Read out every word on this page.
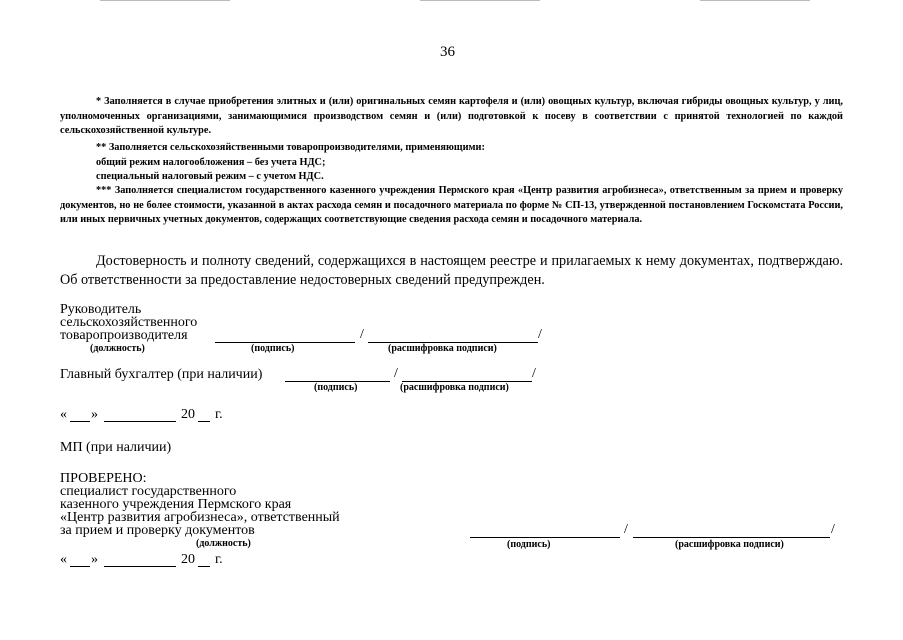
36
* Заполняется в случае приобретения элитных и (или) оригинальных семян картофеля и (или) овощных культур, включая гибриды овощных культур, у лиц, уполномоченных организациями, занимающимися производством семян и (или) подготовкой к посеву в соответствии с принятой технологией по каждой сельскохозяйственной культуре.
** Заполняется сельскохозяйственными товаропроизводителями, применяющими:
общий режим налогообложения – без учета НДС;
специальный налоговый режим – с учетом НДС.
*** Заполняется специалистом государственного казенного учреждения Пермского края «Центр развития агробизнеса», ответственным за прием и проверку документов, но не более стоимости, указанной в актах расхода семян и посадочного материала по форме № СП-13, утвержденной постановлением Госкомстата России, или иных первичных учетных документов, содержащих соответствующие сведения расхода семян и посадочного материала.
Достоверность и полноту сведений, содержащихся в настоящем реестре и прилагаемых к нему документах, подтверждаю. Об ответственности за предоставление недостоверных сведений предупрежден.
Руководитель
сельскохозяйственного
товаропроизводителя	/	/
(должность)	(подпись)	(расшифровка подписи)
Главный бухгалтер (при наличии)	/	/
(подпись)	(расшифровка подписи)
« »	20 г.
МП (при наличии)
ПРОВЕРЕНО:
специалист государственного
казенного учреждения Пермского края
«Центр развития агробизнеса», ответственный
за прием и проверку документов
(должность)
/	/
(подпись)	(расшифровка подписи)
« »	20 г.
